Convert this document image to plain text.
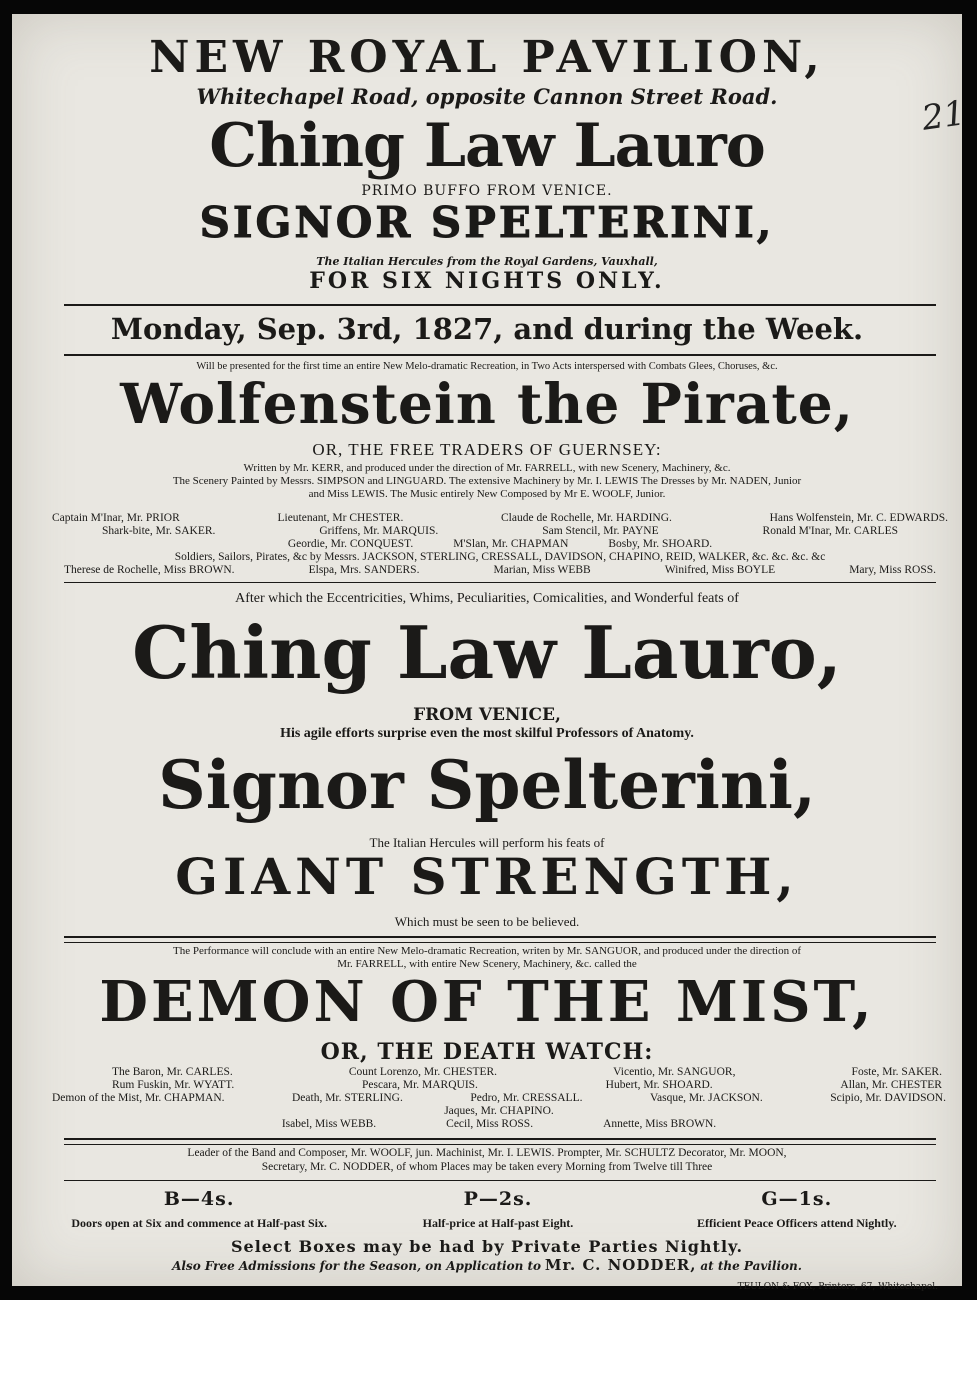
21
NEW ROYAL PAVILION,
Whitechapel Road, opposite Cannon Street Road.
Ching Law Lauro
PRIMO BUFFO FROM VENICE.
SIGNOR SPELTERINI,
The Italian Hercules from the Royal Gardens, Vauxhall,
FOR SIX NIGHTS ONLY.
Monday, Sep. 3rd, 1827, and during the Week.
Will be presented for the first time an entire New Melo-dramatic Recreation, in Two Acts interspersed with Combats Glees, Choruses, &c.
Wolfenstein the Pirate,
OR, THE FREE TRADERS OF GUERNSEY:
Written by Mr. KERR, and produced under the direction of Mr. FARRELL, with new Scenery, Machinery, &c.
The Scenery Painted by Messrs. SIMPSON and LINGUARD. The extensive Machinery by Mr. I. LEWIS The Dresses by Mr. NADEN, Junior
and Miss LEWIS. The Music entirely New Composed by Mr E. WOOLF, Junior.
Captain M'Inar, Mr. PRIOR	Lieutenant, Mr CHESTER.	Claude de Rochelle, Mr. HARDING.	Hans Wolfenstein, Mr. C. EDWARDS.
Shark-bite, Mr. SAKER.	Griffens, Mr. MARQUIS.	Sam Stencil, Mr. PAYNE	Ronald M'Inar, Mr. CARLES
Geordie, Mr. CONQUEST.	M'Slan, Mr. CHAPMAN	Bosby, Mr. SHOARD.
Soldiers, Sailors, Pirates, &c by Messrs. JACKSON, STERLING, CRESSALL, DAVIDSON, CHAPINO, REID, WALKER, &c. &c. &c. &c
Therese de Rochelle, Miss BROWN.	Elspa, Mrs. SANDERS.	Marian, Miss WEBB	Winifred, Miss BOYLE	Mary, Miss ROSS.
After which the Eccentricities, Whims, Peculiarities, Comicalities, and Wonderful feats of
Ching Law Lauro,
FROM VENICE,
His agile efforts surprise even the most skilful Professors of Anatomy.
Signor Spelterini,
The Italian Hercules will perform his feats of
GIANT STRENGTH,
Which must be seen to be believed.
The Performance will conclude with an entire New Melo-dramatic Recreation, writen by Mr. SANGUOR, and produced under the direction of
Mr. FARRELL, with entire New Scenery, Machinery, &c. called the
DEMON OF THE MIST,
OR, THE DEATH WATCH:
The Baron, Mr. CARLES.	Count Lorenzo, Mr. CHESTER.	Vicentio, Mr. SANGUOR,	Foste, Mr. SAKER.
Rum Fuskin, Mr. WYATT.	Pescara, Mr. MARQUIS.	Hubert, Mr. SHOARD.	Allan, Mr. CHESTER
Demon of the Mist, Mr. CHAPMAN.	Death, Mr. STERLING.	Pedro, Mr. CRESSALL.	Vasque, Mr. JACKSON.	Scipio, Mr. DAVIDSON.
Jaques, Mr. CHAPINO.
Isabel, Miss WEBB.	Cecil, Miss ROSS.	Annette, Miss BROWN.
Leader of the Band and Composer, Mr. WOOLF, jun. Machinist, Mr. I. LEWIS. Prompter, Mr. SCHULTZ Decorator, Mr. MOON,
Secretary, Mr. C. NODDER, of whom Places may be taken every Morning from Twelve till Three
B—4s.
Doors open at Six and commence at Half-past Six.
P—2s.
Half-price at Half-past Eight.
G—1s.
Efficient Peace Officers attend Nightly.
Select Boxes may be had by Private Parties Nightly.
Also Free Admissions for the Season, on Application to Mr. C. NODDER, at the Pavilion.
TEULON & FOX, Printers, 67, Whitechapel.
